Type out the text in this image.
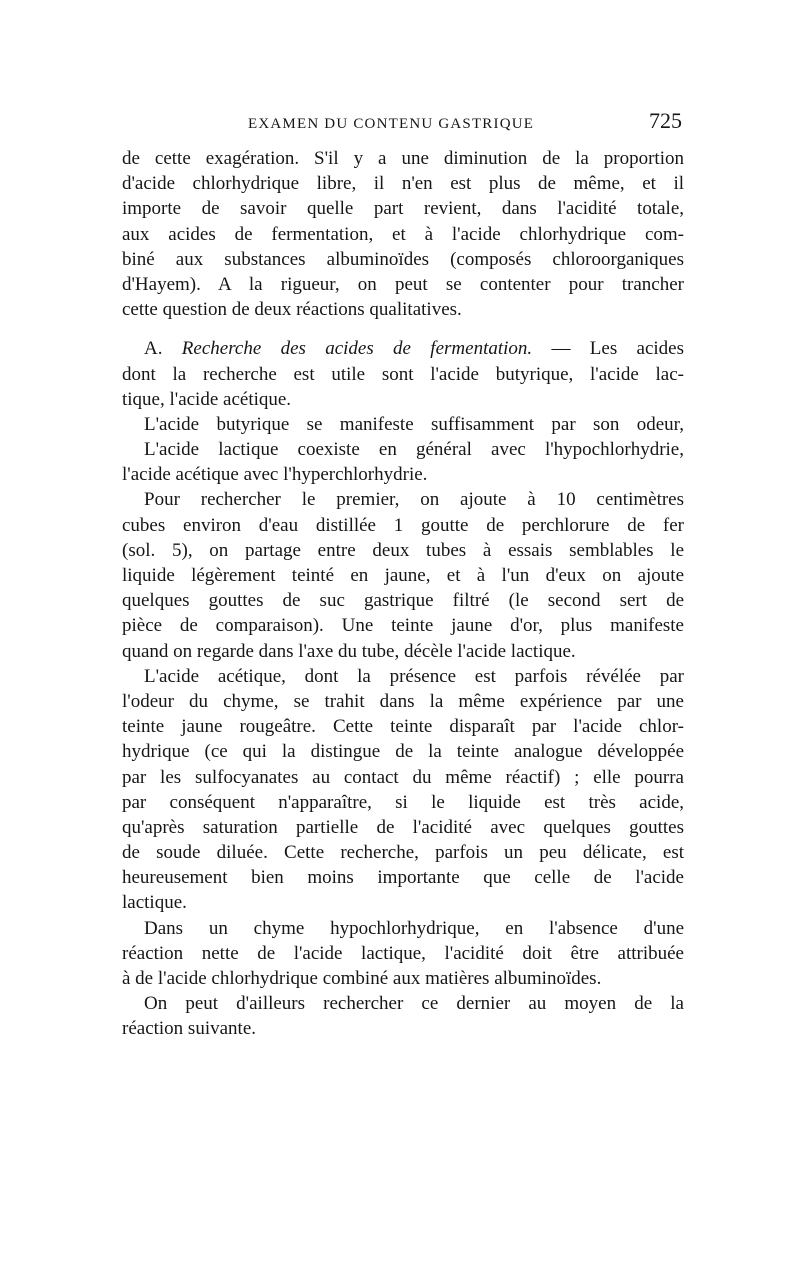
EXAMEN DU CONTENU GASTRIQUE	725
de cette exagération. S'il y a une diminution de la proportion
d'acide chlorhydrique libre, il n'en est plus de même, et il
importe de savoir quelle part revient, dans l'acidité totale,
aux acides de fermentation, et à l'acide chlorhydrique com-
biné aux substances albuminoïdes (composés chloroorganiques
d'Hayem). A la rigueur, on peut se contenter pour trancher
cette question de deux réactions qualitatives.
A. Recherche des acides de fermentation. — Les acides
dont la recherche est utile sont l'acide butyrique, l'acide lac-
tique, l'acide acétique.
L'acide butyrique se manifeste suffisamment par son odeur,
L'acide lactique coexiste en général avec l'hypochlorhydrie,
l'acide acétique avec l'hyperchlorhydrie.
Pour rechercher le premier, on ajoute à 10 centimètres
cubes environ d'eau distillée 1 goutte de perchlorure de fer
(sol. 5), on partage entre deux tubes à essais semblables le
liquide légèrement teinté en jaune, et à l'un d'eux on ajoute
quelques gouttes de suc gastrique filtré (le second sert de
pièce de comparaison). Une teinte jaune d'or, plus manifeste
quand on regarde dans l'axe du tube, décèle l'acide lactique.
L'acide acétique, dont la présence est parfois révélée par
l'odeur du chyme, se trahit dans la même expérience par une
teinte jaune rougeâtre. Cette teinte disparaît par l'acide chlor-
hydrique (ce qui la distingue de la teinte analogue développée
par les sulfocyanates au contact du même réactif) ; elle pourra
par conséquent n'apparaître, si le liquide est très acide,
qu'après saturation partielle de l'acidité avec quelques gouttes
de soude diluée. Cette recherche, parfois un peu délicate, est
heureusement bien moins importante que celle de l'acide
lactique.
Dans un chyme hypochlorhydrique, en l'absence d'une
réaction nette de l'acide lactique, l'acidité doit être attribuée
à de l'acide chlorhydrique combiné aux matières albuminoïdes.
On peut d'ailleurs rechercher ce dernier au moyen de la
réaction suivante.
